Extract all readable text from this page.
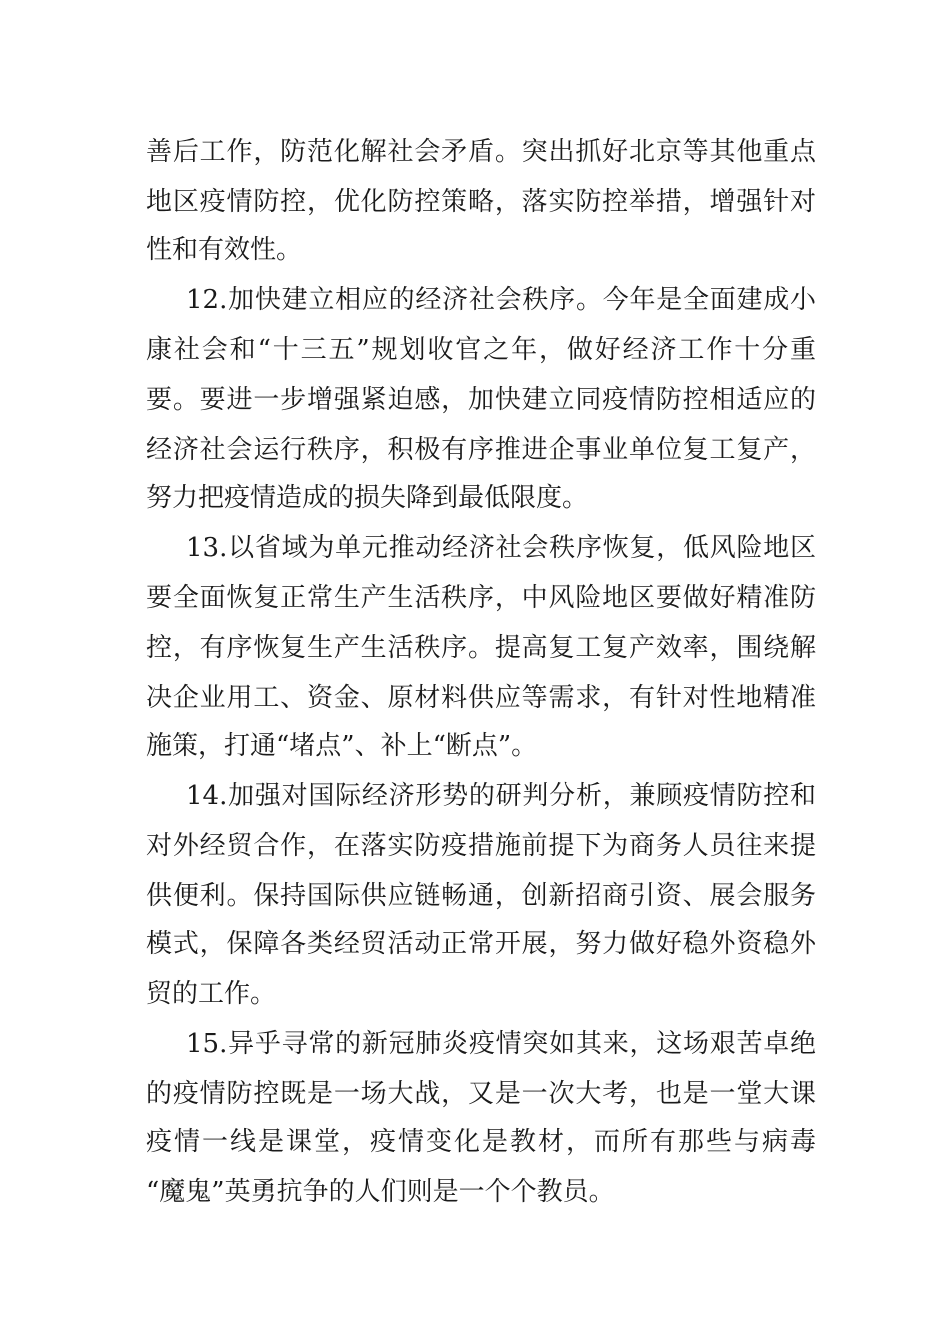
善后工作，防范化解社会矛盾。突出抓好北京等其他重点
地区疫情防控，优化防控策略，落实防控举措，增强针对
性和有效性。
12.加快建立相应的经济社会秩序。今年是全面建成小
康社会和“十三五”规划收官之年，做好经济工作十分重
要。要进一步增强紧迫感，加快建立同疫情防控相适应的
经济社会运行秩序，积极有序推进企事业单位复工复产，
努力把疫情造成的损失降到最低限度。
13.以省域为单元推动经济社会秩序恢复，低风险地区
要全面恢复正常生产生活秩序，中风险地区要做好精准防
控，有序恢复生产生活秩序。提高复工复产效率，围绕解
决企业用工、资金、原材料供应等需求，有针对性地精准
施策，打通“堵点”、补上“断点”。
14.加强对国际经济形势的研判分析，兼顾疫情防控和
对外经贸合作，在落实防疫措施前提下为商务人员往来提
供便利。保持国际供应链畅通，创新招商引资、展会服务
模式，保障各类经贸活动正常开展，努力做好稳外资稳外
贸的工作。
15.异乎寻常的新冠肺炎疫情突如其来，这场艰苦卓绝
的疫情防控既是一场大战，又是一次大考，也是一堂大课
疫情一线是课堂，疫情变化是教材，而所有那些与病毒
“魔鬼”英勇抗争的人们则是一个个教员。
